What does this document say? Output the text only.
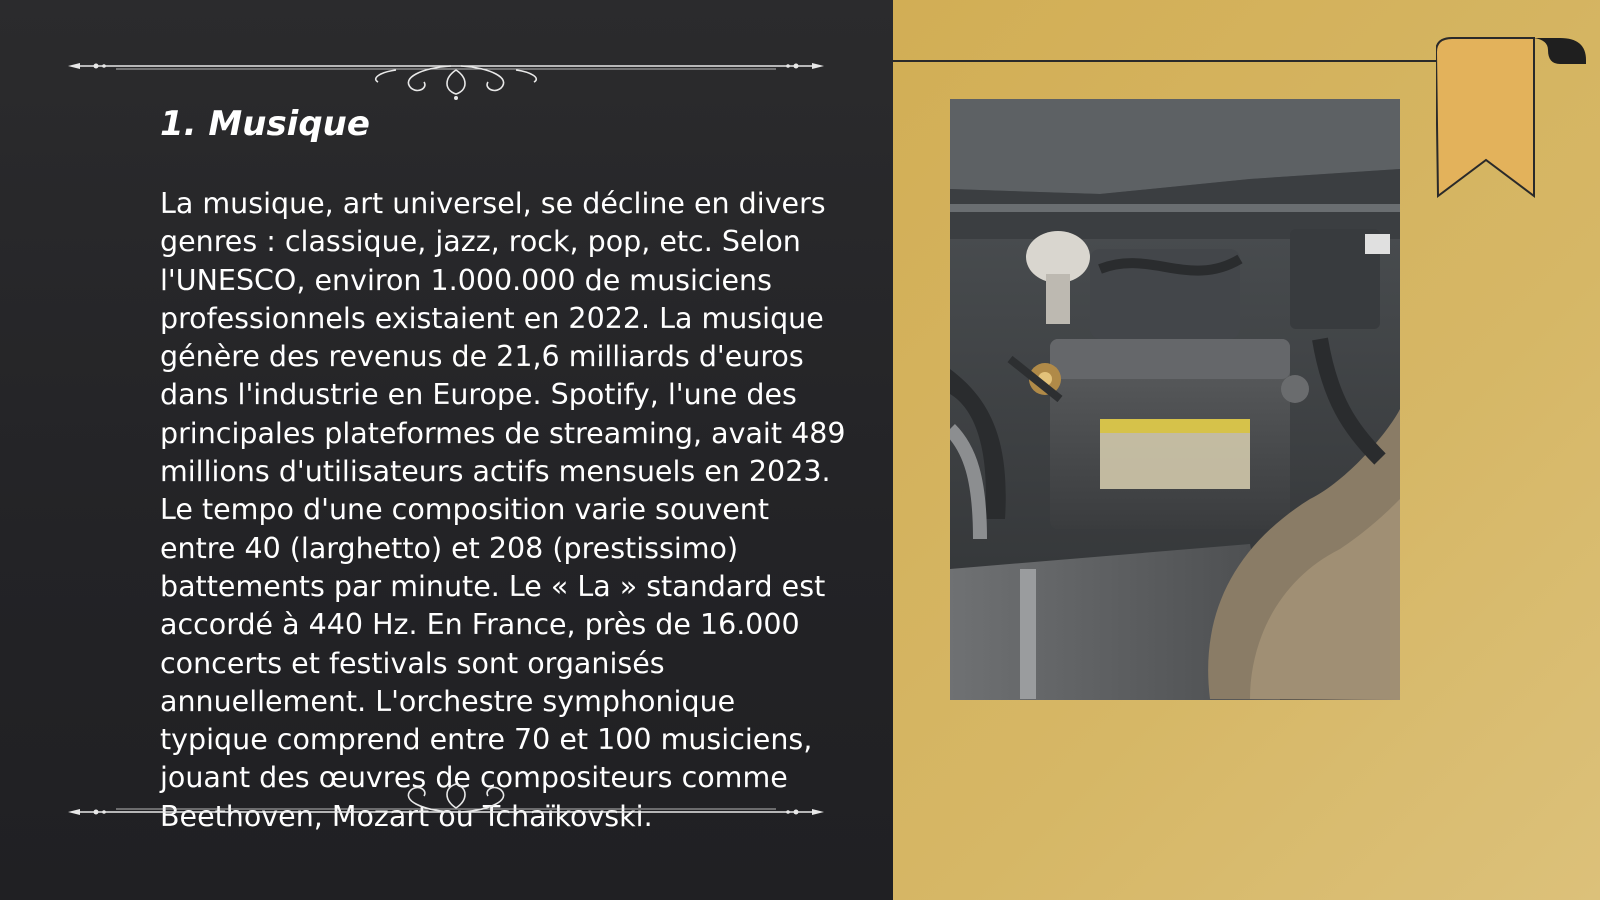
1. Musique

La musique, art universel, se décline en divers genres : classique, jazz, rock, pop, etc. Selon l'UNESCO, environ 1.000.000 de musiciens professionnels existaient en 2022. La musique génère des revenus de 21,6 milliards d'euros dans l'industrie en Europe. Spotify, l'une des principales plateformes de streaming, avait 489 millions d'utilisateurs actifs mensuels en 2023. Le tempo d'une composition varie souvent entre 40 (larghetto) et 208 (prestissimo) battements par minute. Le « La » standard est accordé à 440 Hz. En France, près de 16.000 concerts et festivals sont organisés annuellement. L'orchestre symphonique typique comprend entre 70 et 100 musiciens, jouant des œuvres de compositeurs comme Beethoven, Mozart ou Tchaïkovski.
